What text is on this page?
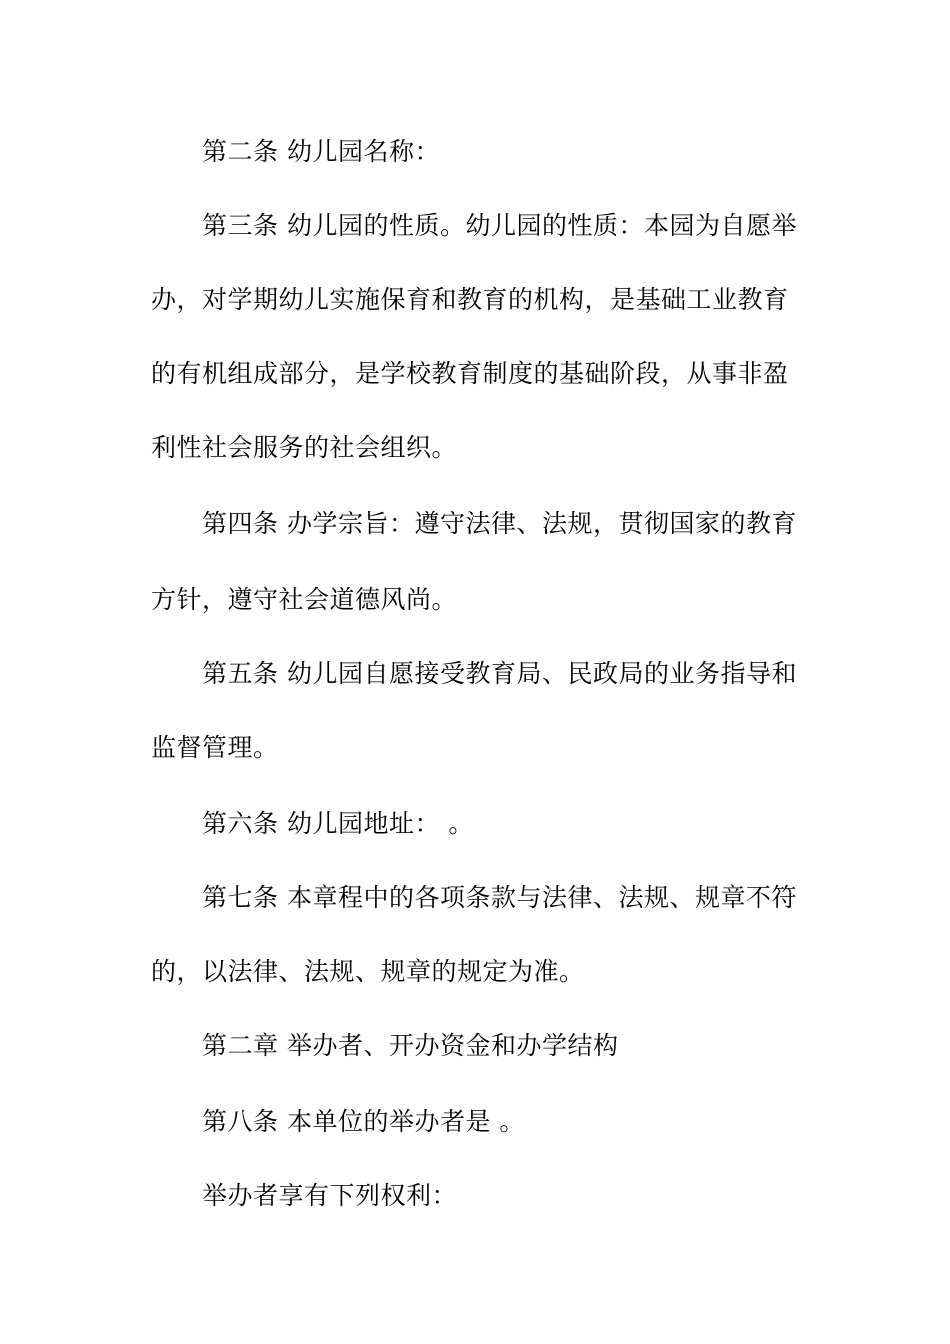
第二条 幼儿园名称：

第三条 幼儿园的性质。幼儿园的性质：本园为自愿举

办，对学期幼儿实施保育和教育的机构，是基础工业教育

的有机组成部分，是学校教育制度的基础阶段，从事非盈

利性社会服务的社会组织。

第四条 办学宗旨：遵守法律、法规，贯彻国家的教育

方针，遵守社会道德风尚。

第五条 幼儿园自愿接受教育局、民政局的业务指导和

监督管理。

第六条 幼儿园地址： 。

第七条 本章程中的各项条款与法律、法规、规章不符

的，以法律、法规、规章的规定为准。

第二章 举办者、开办资金和办学结构

第八条 本单位的举办者是 。

举办者享有下列权利：
